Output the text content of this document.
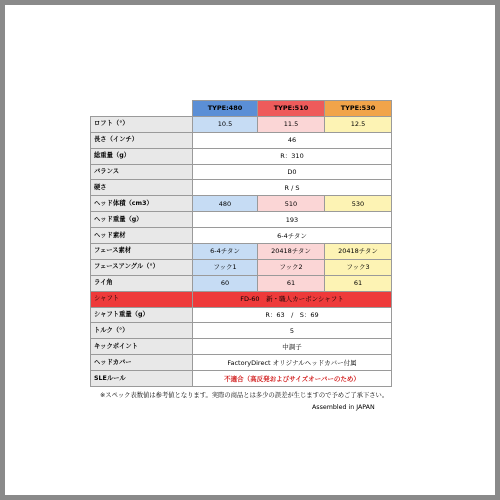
	TYPE:480	TYPE:510	TYPE:530
ロフト（°）	10.5	11.5	12.5
長さ（インチ）	46		
総重量（g）	R：310		
バランス	D0		
硬さ	R / S		
ヘッド体積（cm3）	480	510	530
ヘッド重量（g）	193		
ヘッド素材	6-4チタン		
フェース素材	6-4チタン	20418チタン	20418チタン
フェースアングル（°）	フック1	フック2	フック3
ライ角	60	61	61
シャフト	FD-60　新・職人カーボンシャフト		
シャフト重量（g）	R：63　/　S：69		
トルク（°）	5		
キックポイント	中調子		
ヘッドカバー	FactoryDirect オリジナルヘッドカバー付属		
SLEルール	不適合（高反発およびサイズオーバーのため）		
※スペック表数値は参考値となります。実際の商品とは多少の誤差が生じますので予めご了承下さい。
Assembled in JAPAN
